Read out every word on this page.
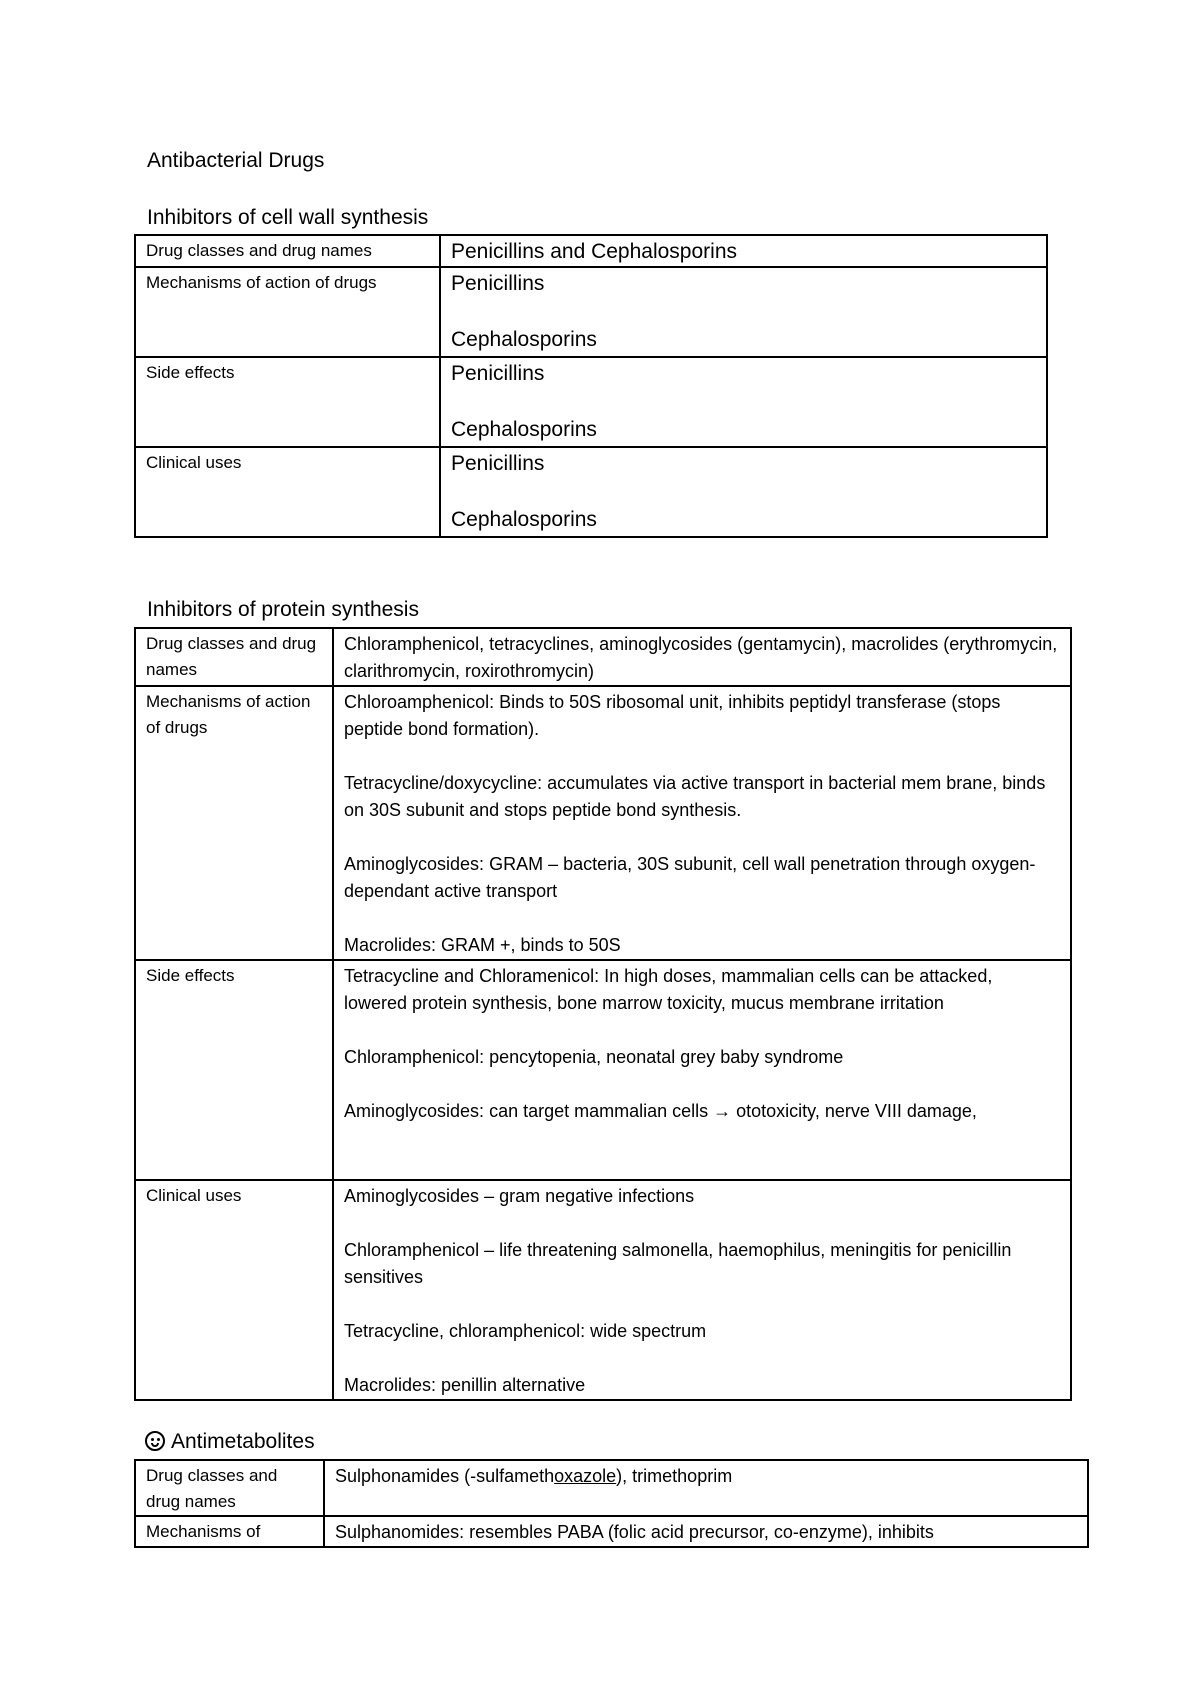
Antibacterial Drugs
Inhibitors of cell wall synthesis
Drug classes and drug names	Penicillins and Cephalosporins
Mechanisms of action of drugs	Penicillins
Cephalosporins

Side effects	Penicillins
Cephalosporins

Clinical uses	Penicillins
Cephalosporins
Inhibitors of protein synthesis
Drug classes and drug names	Chloramphenicol, tetracyclines, aminoglycosides (gentamycin), macrolides (erythromycin, clarithromycin, roxirothromycin)

Mechanisms of action of drugs	Chloroamphenicol: Binds to 50S ribosomal unit, inhibits peptidyl transferase (stops peptide bond formation).
Tetracycline/doxycycline: accumulates via active transport in bacterial mem brane, binds on 30S subunit and stops peptide bond synthesis.
Aminoglycosides: GRAM – bacteria, 30S subunit, cell wall penetration through oxygen-dependant active transport
Macrolides: GRAM +, binds to 50S

Side effects	Tetracycline and Chloramenicol: In high doses, mammalian cells can be attacked, lowered protein synthesis, bone marrow toxicity, mucus membrane irritation
Chloramphenicol: pencytopenia, neonatal grey baby syndrome
Aminoglycosides: can target mammalian cells → ototoxicity, nerve VIII damage,

Clinical uses	Aminoglycosides – gram negative infections
Chloramphenicol – life threatening salmonella, haemophilus, meningitis for penicillin sensitives
Tetracycline, chloramphenicol: wide spectrum
Macrolides: penillin alternative
Antimetabolites
Drug classes and drug names	Sulphonamides (-sulfamethoxazole), trimethoprim
Mechanisms of	Sulphanomides: resembles PABA (folic acid precursor, co-enzyme), inhibits
